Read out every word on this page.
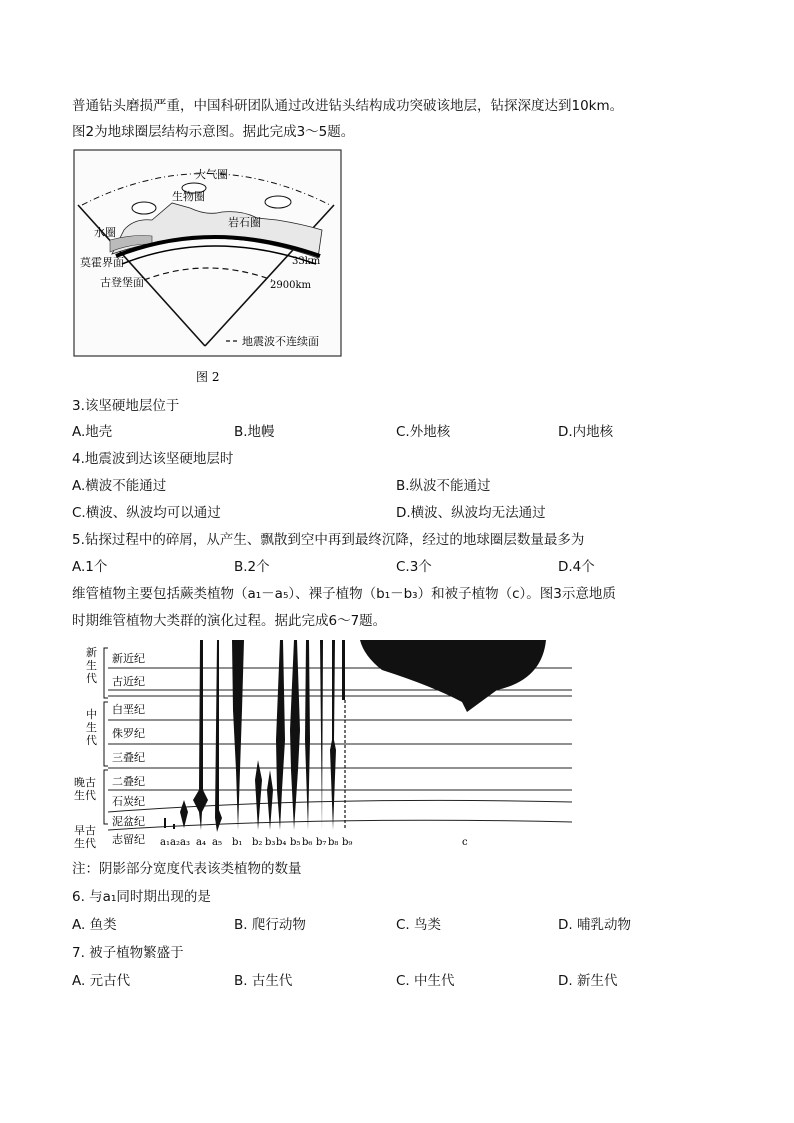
普通钻头磨损严重，中国科研团队通过改进钻头结构成功突破该地层，钻探深度达到10km。
图2为地球圈层结构示意图。据此完成3～5题。
大气圈
生物圈
岩石圈
水圈
莫霍界面
古登堡面
33km
2900km
地震波不连续面
图 2
3.该坚硬地层位于
A.地壳	B.地幔	C.外地核	D.内地核
4.地震波到达该坚硬地层时
A.横波不能通过	B.纵波不能通过
C.横波、纵波均可以通过	D.横波、纵波均无法通过
5.钻探过程中的碎屑，从产生、飘散到空中再到最终沉降，经过的地球圈层数量最多为
A.1个	B.2个	C.3个	D.4个
维管植物主要包括蕨类植物（a₁－a₅）、裸子植物（b₁－b₃）和被子植物（c）。图3示意地质
时期维管植物大类群的演化过程。据此完成6～7题。
新生代
中生代
晚古生代
早古生代
新近纪
古近纪
白垩纪
侏罗纪
三叠纪
二叠纪
石炭纪
泥盆纪
志留纪 a₁ a₂ a₃ a₄ a₅ b₁ b₂ b₃ b₄ b₅ b₆ b₇ b₈ b₉	c
注：阴影部分宽度代表该类植物的数量
6. 与a₁同时期出现的是
A. 鱼类	B. 爬行动物	C. 鸟类	D. 哺乳动物
7. 被子植物繁盛于
A. 元古代	B. 古生代	C. 中生代	D. 新生代
